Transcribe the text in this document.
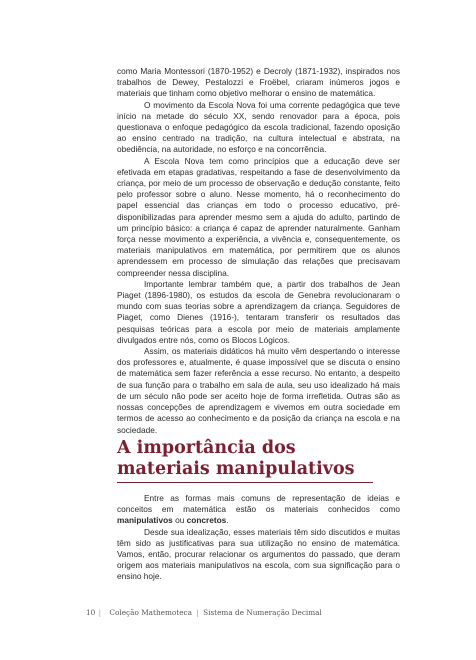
como Maria Montessori (1870-1952) e Decroly (1871-1932), inspirados nos trabalhos de Dewey, Pestalozzi e Froëbel, criaram inúmeros jogos e materiais que tinham como objetivo melhorar o ensino de matemática.

O movimento da Escola Nova foi uma corrente pedagógica que teve início na metade do século XX, sendo renovador para a época, pois questionava o enfoque pedagógico da escola tradicional, fazendo oposição ao ensino centrado na tradição, na cultura intelectual e abstrata, na obediência, na autoridade, no esforço e na concorrência.

A Escola Nova tem como princípios que a educação deve ser efetivada em etapas gradativas, respeitando a fase de desenvolvimento da criança, por meio de um processo de observação e dedução constante, feito pelo professor sobre o aluno. Nesse momento, há o reconhecimento do papel essencial das crianças em todo o processo educativo, pré-disponibilizadas para aprender mesmo sem a ajuda do adulto, partindo de um princípio básico: a criança é capaz de aprender naturalmente. Ganham força nesse movimento a experiência, a vivência e, consequentemente, os materiais manipulativos em matemática, por permitirem que os alunos aprendessem em processo de simulação das relações que precisavam compreender nessa disciplina.

Importante lembrar também que, a partir dos trabalhos de Jean Piaget (1896-1980), os estudos da escola de Genebra revolucionaram o mundo com suas teorias sobre a aprendizagem da criança. Seguidores de Piaget, como Dienes (1916-), tentaram transferir os resultados das pesquisas teóricas para a escola por meio de materiais amplamente divulgados entre nós, como os Blocos Lógicos.

Assim, os materiais didáticos há muito vêm despertando o interesse dos professores e, atualmente, é quase impossível que se discuta o ensino de matemática sem fazer referência a esse recurso. No entanto, a despeito de sua função para o trabalho em sala de aula, seu uso idealizado há mais de um século não pode ser aceito hoje de forma irrefletida. Outras são as nossas concepções de aprendizagem e vivemos em outra sociedade em termos de acesso ao conhecimento e da posição da criança na escola e na sociedade.

A importância dos
materiais manipulativos

Entre as formas mais comuns de representação de ideias e conceitos em matemática estão os materiais conhecidos como manipulativos ou concretos.

Desde sua idealização, esses materiais têm sido discutidos e muitas têm sido as justificativas para sua utilização no ensino de matemática. Vamos, então, procurar relacionar os argumentos do passado, que deram origem aos materiais manipulativos na escola, com sua significação para o ensino hoje.

10 | Coleção Mathemoteca | Sistema de Numeração Decimal
